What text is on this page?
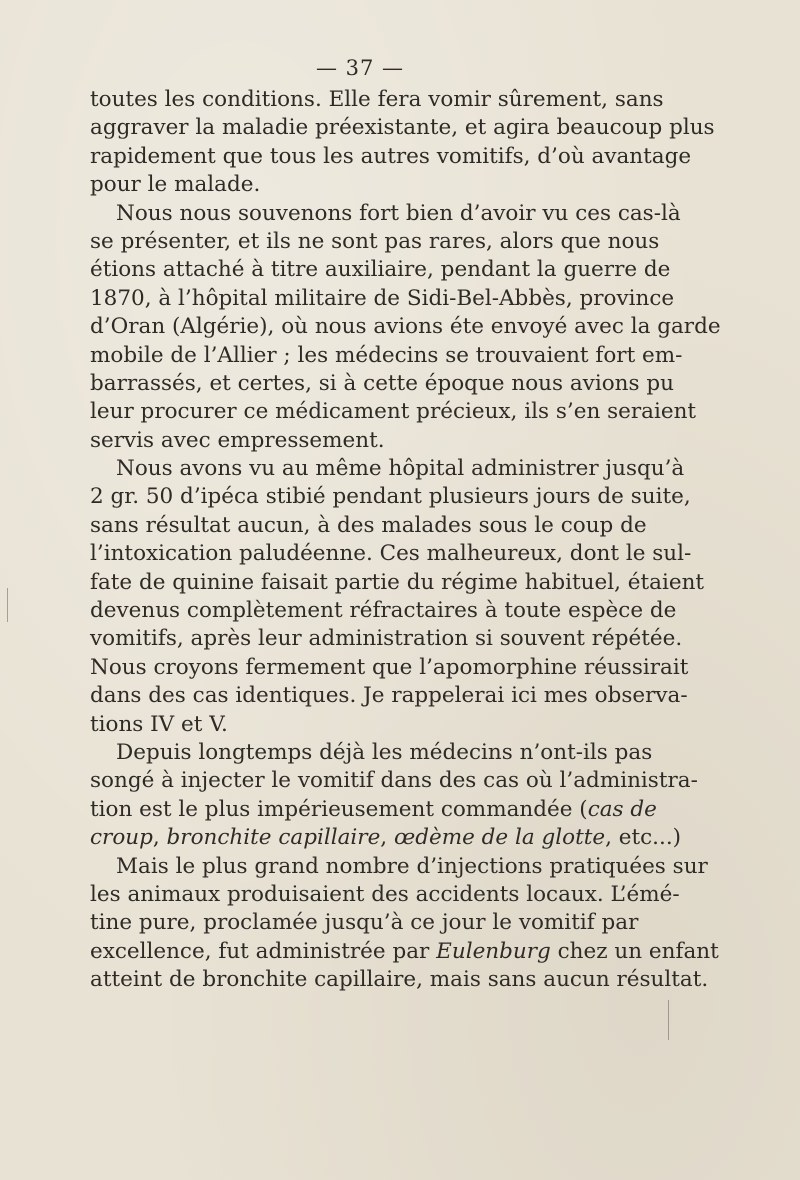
— 37 —
toutes les conditions. Elle fera vomir sûrement, sans
aggraver la maladie préexistante, et agira beaucoup plus
rapidement que tous les autres vomitifs, d’où avantage
pour le malade.
Nous nous souvenons fort bien d’avoir vu ces cas-là
se présenter, et ils ne sont pas rares, alors que nous
étions attaché à titre auxiliaire, pendant la guerre de
1870, à l’hôpital militaire de Sidi-Bel-Abbès, province
d’Oran (Algérie), où nous avions éte envoyé avec la garde
mobile de l’Allier ; les médecins se trouvaient fort em-
barrassés, et certes, si à cette époque nous avions pu
leur procurer ce médicament précieux, ils s’en seraient
servis avec empressement.
Nous avons vu au même hôpital administrer jusqu’à
2 gr. 50 d’ipéca stibié pendant plusieurs jours de suite,
sans résultat aucun, à des malades sous le coup de
l’intoxication paludéenne. Ces malheureux, dont le sul-
fate de quinine faisait partie du régime habituel, étaient
devenus complètement réfractaires à toute espèce de
vomitifs, après leur administration si souvent répétée.
Nous croyons fermement que l’apomorphine réussirait
dans des cas identiques. Je rappelerai ici mes observa-
tions IV et V.
Depuis longtemps déjà les médecins n’ont-ils pas
songé à injecter le vomitif dans des cas où l’administra-
tion est le plus impérieusement commandée (cas de
croup, bronchite capillaire, œdème de la glotte, etc...)
Mais le plus grand nombre d’injections pratiquées sur
les animaux produisaient des accidents locaux. L’émé-
tine pure, proclamée jusqu’à ce jour le vomitif par
excellence, fut administrée par Eulenburg chez un enfant
atteint de bronchite capillaire, mais sans aucun résultat.
